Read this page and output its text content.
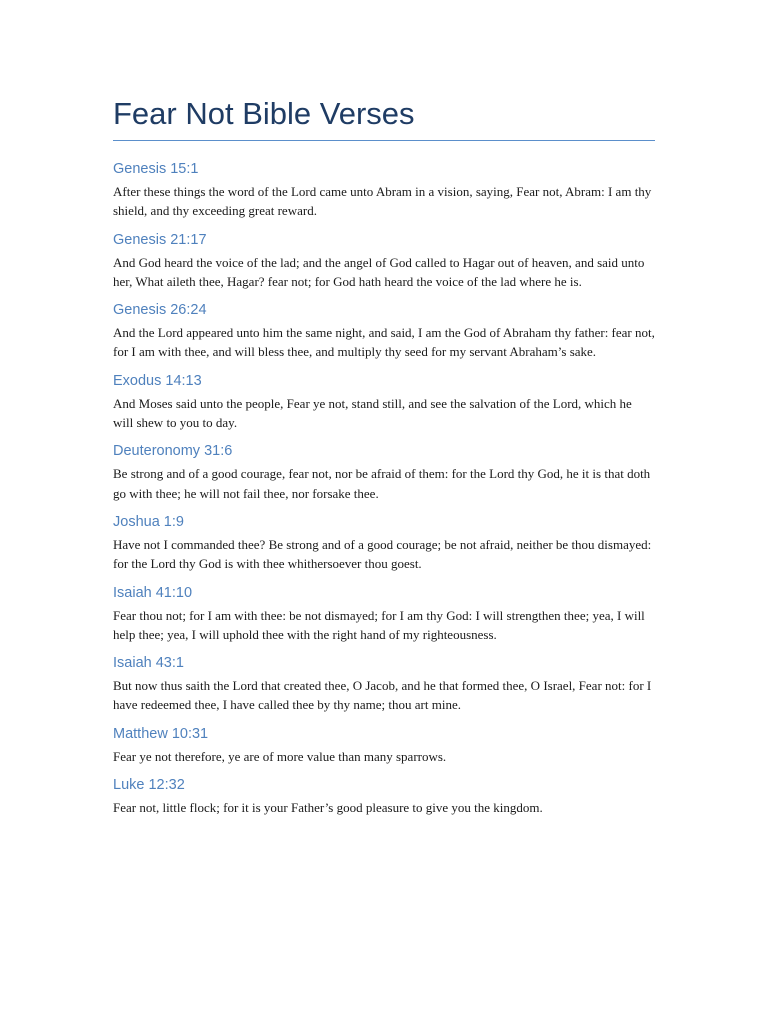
Fear Not Bible Verses
Genesis 15:1

After these things the word of the Lord came unto Abram in a vision, saying, Fear not, Abram: I am thy shield, and thy exceeding great reward.

Genesis 21:17

And God heard the voice of the lad; and the angel of God called to Hagar out of heaven, and said unto her, What aileth thee, Hagar? fear not; for God hath heard the voice of the lad where he is.

Genesis 26:24

And the Lord appeared unto him the same night, and said, I am the God of Abraham thy father: fear not, for I am with thee, and will bless thee, and multiply thy seed for my servant Abraham’s sake.

Exodus 14:13

And Moses said unto the people, Fear ye not, stand still, and see the salvation of the Lord, which he will shew to you to day.

Deuteronomy 31:6

Be strong and of a good courage, fear not, nor be afraid of them: for the Lord thy God, he it is that doth go with thee; he will not fail thee, nor forsake thee.

Joshua 1:9

Have not I commanded thee? Be strong and of a good courage; be not afraid, neither be thou dismayed: for the Lord thy God is with thee whithersoever thou goest.

Isaiah 41:10

Fear thou not; for I am with thee: be not dismayed; for I am thy God: I will strengthen thee; yea, I will help thee; yea, I will uphold thee with the right hand of my righteousness.

Isaiah 43:1

But now thus saith the Lord that created thee, O Jacob, and he that formed thee, O Israel, Fear not: for I have redeemed thee, I have called thee by thy name; thou art mine.

Matthew 10:31

Fear ye not therefore, ye are of more value than many sparrows.

Luke 12:32

Fear not, little flock; for it is your Father’s good pleasure to give you the kingdom.
